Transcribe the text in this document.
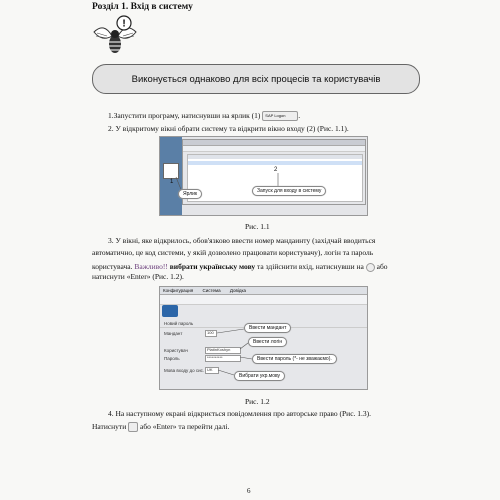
Розділ 1. Вхід в систему
!
Виконується однаково для всіх процесів та користувачів
1.Запустити програму, натиснувши на ярлик (1) SAP Logon .
2. У відкритому вікні обрати систему та відкрити вікно входу (2) (Рис. 1.1).
1
2
Ярлик	Запуск для входу в систему
Рис. 1.1
3. У вікні, яке відкрилось, обов'язково ввести номер мандаинту (західчай вводиться
автоматично, це код системи, у якій дозволено працювати користувачу), логін та пароль
користувача. Важливо!! вибрати українську мову та здійснити вхід, натиснувши на або
натиснути «Enter» (Рис. 1.2).
Конфигурация Система Довідка
Новий пароль
Мандант	100
Користувач	PlatinKoshyn
Пароль	**********
Мова входу до сис. UK
Ввести мандант
Ввести логін
Ввести пароль (*- не зважаємо).
Вибрати укр.мову
Рис. 1.2
4. На наступному екрані відкриється повідомлення про авторське право (Рис. 1.3).
Натиснути або «Enter» та перейти далі.
6
